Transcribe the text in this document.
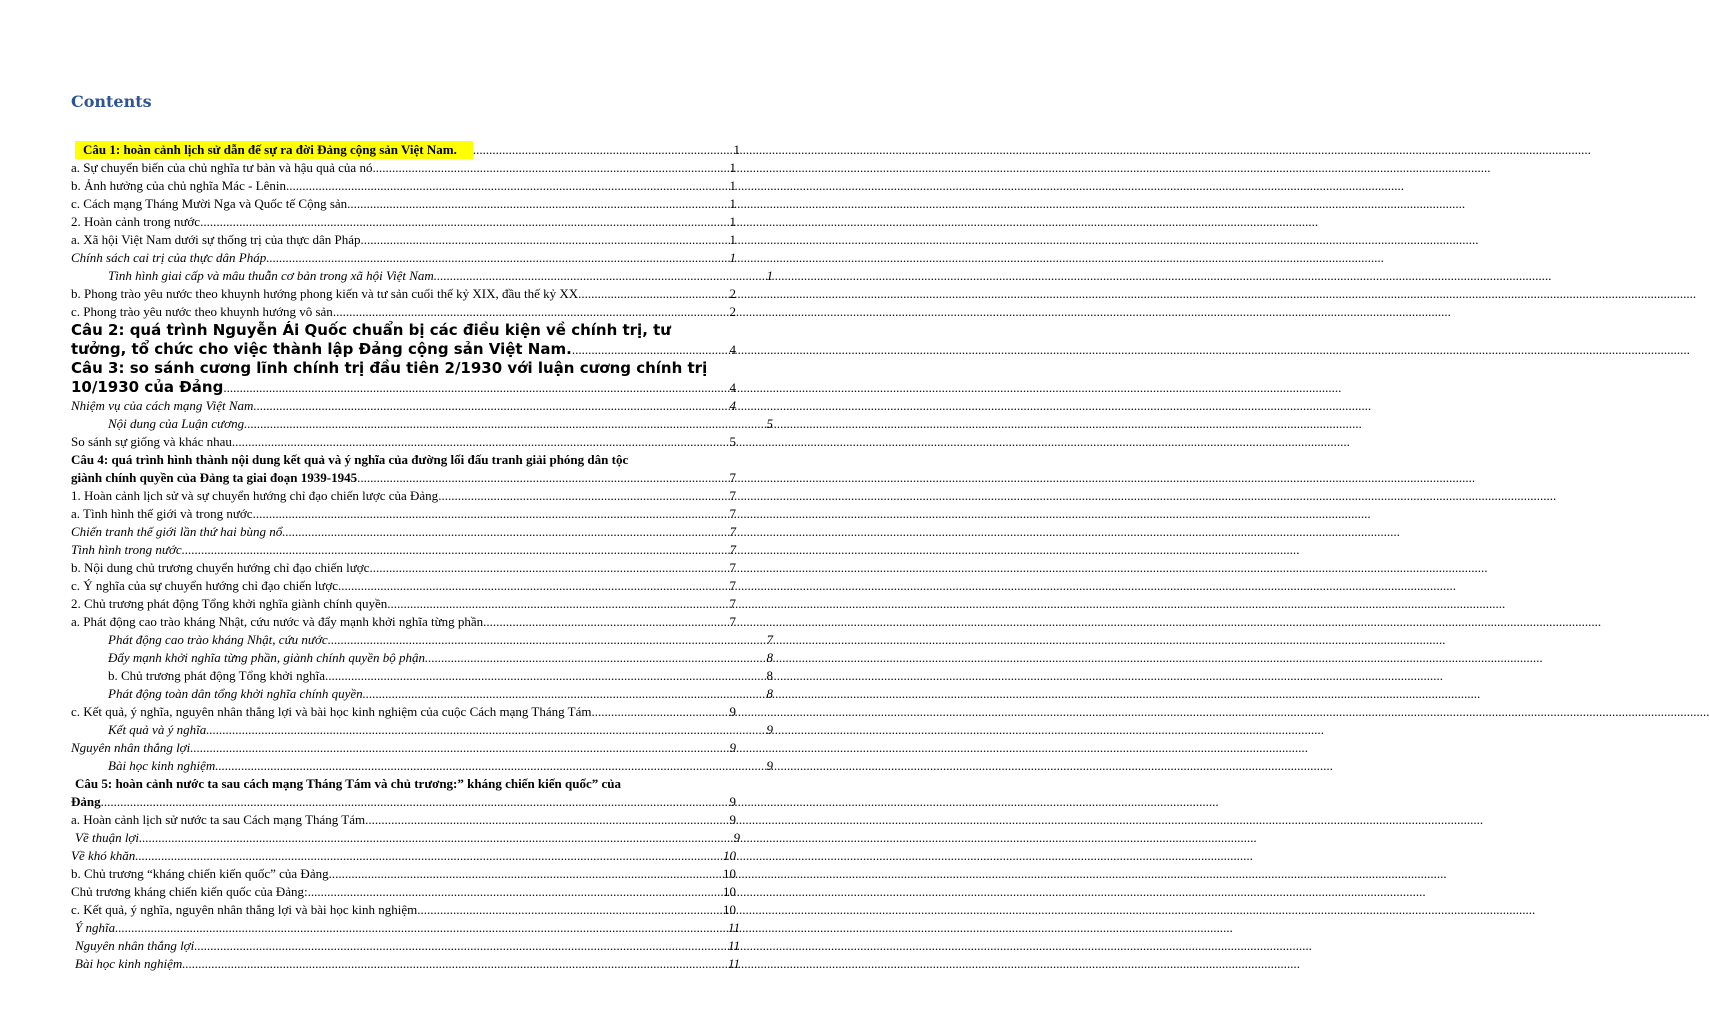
Contents
Câu 1: hoàn cảnh lịch sử dẫn đế sự ra đời Đảng cộng sản Việt Nam. .....	1
a. Sự chuyển biến của chủ nghĩa tư bản và hậu quả của nó .....	1
b. Ảnh hưởng của chủ nghĩa Mác - Lênin .....	1
c. Cách mạng Tháng Mười Nga và Quốc tế Cộng sản .....	1
2. Hoàn cảnh trong nước .....	1
a. Xã hội Việt Nam dưới sự thống trị của thực dân Pháp .....	1
Chính sách cai trị của thực dân Pháp .....	1
Tình hình giai cấp và mâu thuẫn cơ bản trong xã hội Việt Nam .....	1
b. Phong trào yêu nước theo khuynh hướng phong kiến và tư sản cuối thế kỷ XIX, đầu thế kỷ XX .....	2
c. Phong trào yêu nước theo khuynh hướng vô sản .....	2
Câu 2: quá trình Nguyễn Ái Quốc chuẩn bị các điều kiện về chính trị, tư
tưởng, tổ chức cho việc thành lập Đảng cộng sản Việt Nam. .....	4
Câu 3: so sánh cương lĩnh chính trị đầu tiên 2/1930 với luận cương chính trị
10/1930 của Đảng .....	4
Nhiệm vụ của cách mạng Việt Nam .....	4
Nội dung của Luận cương .....	5
So sánh sự giống và khác nhau .....	5
Câu 4: quá trình hình thành nội dung kết quả và ý nghĩa của đường lối đấu tranh giải phóng dân tộc
giành chính quyền của Đảng ta giai đoạn 1939-1945 .....	7
1. Hoàn cảnh lịch sử và sự chuyển hướng chỉ đạo chiến lược của Đảng .....	7
a. Tình hình thế giới và trong nước .....	7
Chiến tranh thế giới lần thứ hai bùng nổ .....	7
Tình hình trong nước .....	7
b. Nội dung chủ trương chuyển hướng chỉ đạo chiến lược .....	7
c. Ý nghĩa của sự chuyển hướng chỉ đạo chiến lược .....	7
2. Chủ trương phát động Tổng khởi nghĩa giành chính quyền .....	7
a. Phát động cao trào kháng Nhật, cứu nước và đẩy mạnh khởi nghĩa từng phần .....	7
Phát động cao trào kháng Nhật, cứu nước .....	7
Đẩy mạnh khởi nghĩa từng phần, giành chính quyền bộ phận .....	8
b. Chủ trương phát động Tổng khởi nghĩa .....	8
Phát động toàn dân tổng khởi nghĩa chính quyền .....	8
c. Kết quả, ý nghĩa, nguyên nhân thắng lợi và bài học kinh nghiệm của cuộc Cách mạng Tháng Tám .....	9
Kết quả và ý nghĩa .....	9
Nguyên nhân thắng lợi .....	9
Bài học kinh nghiệm .....	9
Câu 5: hoàn cảnh nước ta sau cách mạng Tháng Tám và chủ trương:” kháng chiến kiến quốc” của
Đảng .....	9
a. Hoàn cảnh lịch sử nước ta sau Cách mạng Tháng Tám .....	9
Về thuận lợi .....	9
Về khó khăn .....	10
b. Chủ trương “kháng chiến kiến quốc” của Đảng .....	10
Chủ trương kháng chiến kiến quốc của Đảng: .....	10
c. Kết quả, ý nghĩa, nguyên nhân thắng lợi và bài học kinh nghiệm .....	10
Ý nghĩa .....	11
Nguyên nhân thắng lợi .....	11
Bài học kinh nghiệm .....	11
